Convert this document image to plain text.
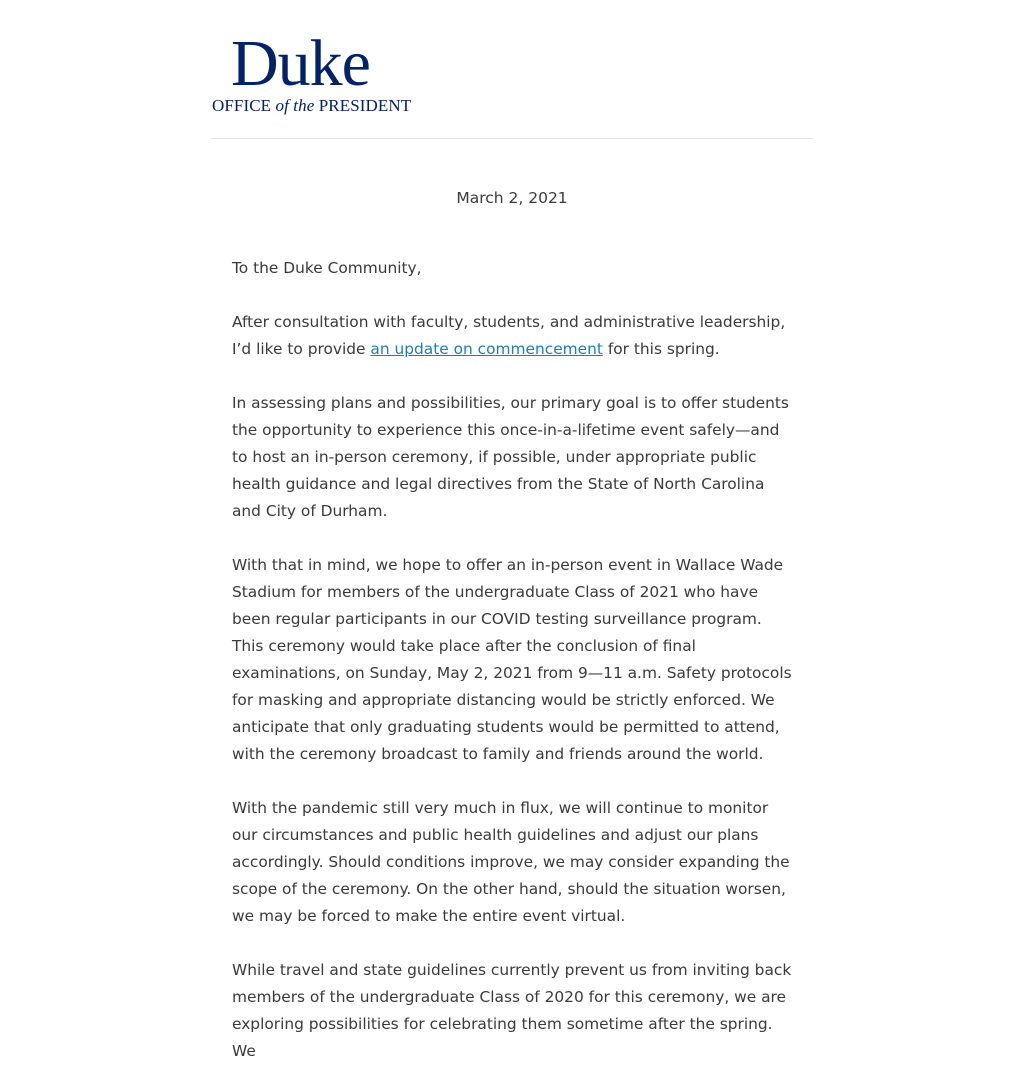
Duke
OFFICE of the PRESIDENT
March 2, 2021

To the Duke Community,

After consultation with faculty, students, and administrative leadership, I’d like to provide an update on commencement for this spring.

In assessing plans and possibilities, our primary goal is to offer students the opportunity to experience this once-in-a-lifetime event safely—and to host an in-person ceremony, if possible, under appropriate public health guidance and legal directives from the State of North Carolina and City of Durham.

With that in mind, we hope to offer an in-person event in Wallace Wade Stadium for members of the undergraduate Class of 2021 who have been regular participants in our COVID testing surveillance program. This ceremony would take place after the conclusion of final examinations, on Sunday, May 2, 2021 from 9—11 a.m. Safety protocols for masking and appropriate distancing would be strictly enforced. We anticipate that only graduating students would be permitted to attend, with the ceremony broadcast to family and friends around the world.

With the pandemic still very much in flux, we will continue to monitor our circumstances and public health guidelines and adjust our plans accordingly. Should conditions improve, we may consider expanding the scope of the ceremony. On the other hand, should the situation worsen, we may be forced to make the entire event virtual.

While travel and state guidelines currently prevent us from inviting back members of the undergraduate Class of 2020 for this ceremony, we are exploring possibilities for celebrating them sometime after the spring. We
